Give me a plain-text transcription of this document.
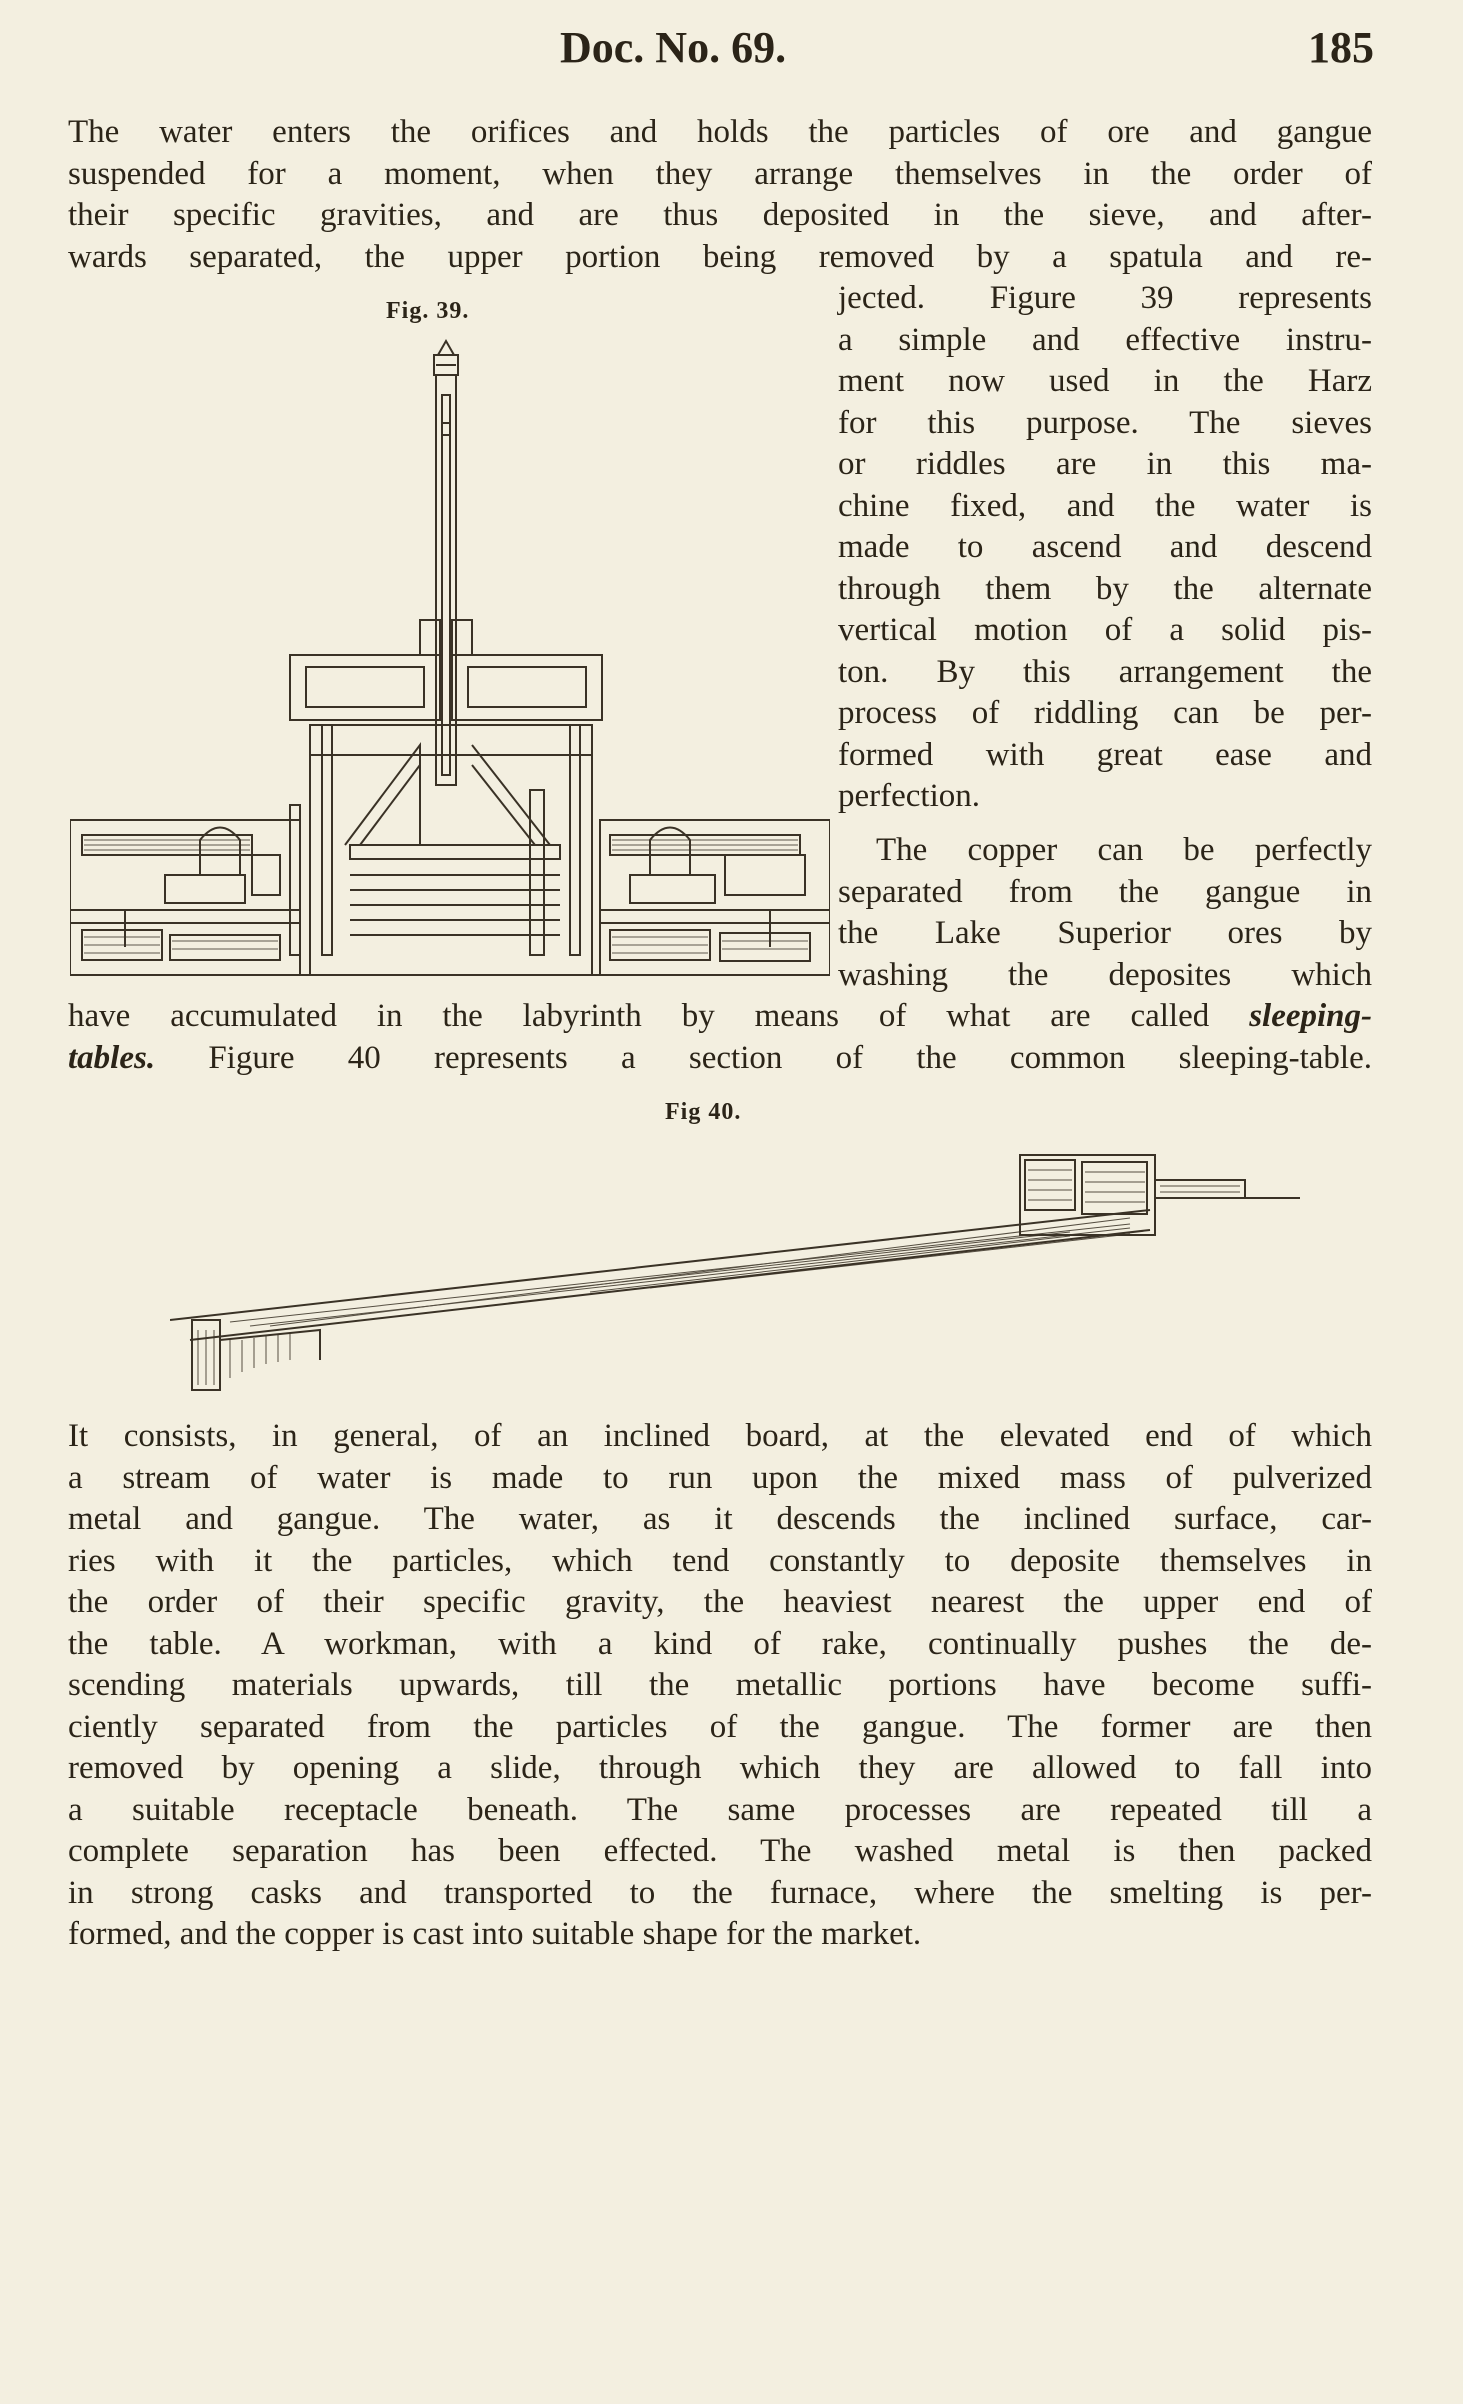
Doc. No. 69.	185
The water enters the orifices and holds the particles of ore and gangue
suspended for a moment, when they arrange themselves in the order of
their specific gravities, and are thus deposited in the sieve, and after-
wards separated, the upper portion being removed by a spatula and re-
Fig. 39.	jected. Figure 39 represents
a simple and effective instru-
ment now used in the Harz
for this purpose. The sieves
or riddles are in this ma-
chine fixed, and the water is
made to ascend and descend
through them by the alternate
vertical motion of a solid pis-
ton. By this arrangement the
process of riddling can be per-
formed with great ease and
perfection.
The copper can be perfectly
separated from the gangue in
the Lake Superior ores by
washing the deposites which
have accumulated in the labyrinth by means of what are called sleeping-
tables. Figure 40 represents a section of the common sleeping-table.
Fig 40.
It consists, in general, of an inclined board, at the elevated end of which
a stream of water is made to run upon the mixed mass of pulverized
metal and gangue. The water, as it descends the inclined surface, car-
ries with it the particles, which tend constantly to deposite themselves in
the order of their specific gravity, the heaviest nearest the upper end of
the table. A workman, with a kind of rake, continually pushes the de-
scending materials upwards, till the metallic portions have become suffi-
ciently separated from the particles of the gangue. The former are then
removed by opening a slide, through which they are allowed to fall into
a suitable receptacle beneath. The same processes are repeated till a
complete separation has been effected. The washed metal is then packed
in strong casks and transported to the furnace, where the smelting is per-
formed, and the copper is cast into suitable shape for the market.
